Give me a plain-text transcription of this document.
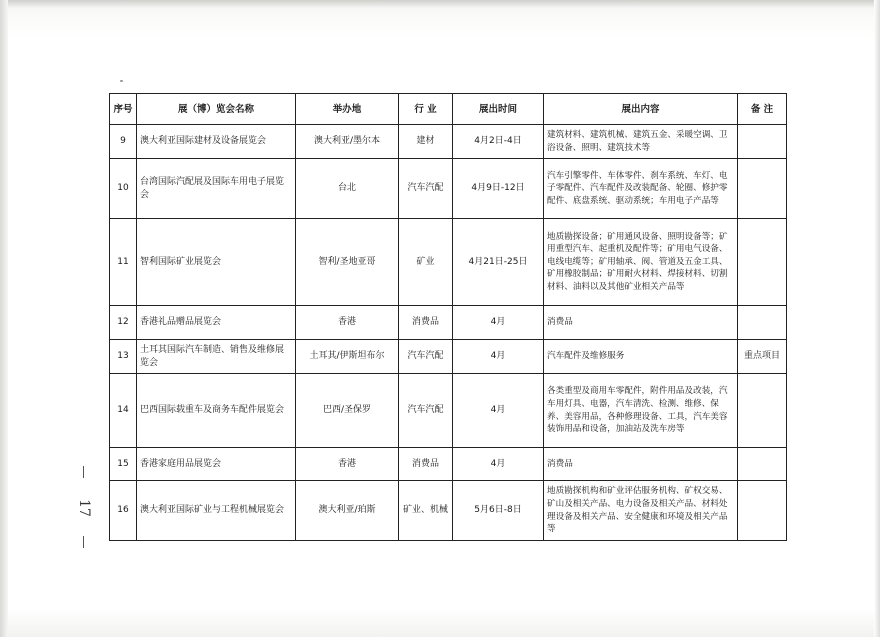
序号	展（博）览会名称	举办地	行 业	展出时间	展出内容	备 注
9	澳大利亚国际建材及设备展览会	澳大利亚/墨尔本	建材	4月2日-4日	建筑材料、建筑机械、建筑五金、采暖空调、卫浴设备、照明、建筑技术等	
10	台湾国际汽配展及国际车用电子展览会	台北	汽车汽配	4月9日-12日	汽车引擎零件、车体零件、刹车系统、车灯、电子零配件、汽车配件及改装配备、轮圈、修护零配件、底盘系统、驱动系统；车用电子产品等	
11	智利国际矿业展览会	智利/圣地亚哥	矿业	4月21日-25日	地质勘探设备；矿用通风设备、照明设备等；矿用重型汽车、起重机及配件等；矿用电气设备、电线电缆等；矿用轴承、阀、管道及五金工具、矿用橡胶制品；矿用耐火材料、焊接材料、切割材料、油料以及其他矿业相关产品等	
12	香港礼品赠品展览会	香港	消费品	4月	消费品	
13	土耳其国际汽车制造、销售及维修展览会	土耳其/伊斯坦布尔	汽车汽配	4月	汽车配件及维修服务	重点项目
14	巴西国际载重车及商务车配件展览会	巴西/圣保罗	汽车汽配	4月	各类重型及商用车零配件，附件用品及改装，汽车用灯具、电器，汽车清洗、检测、维修、保养、美容用品，各种修理设备、工具，汽车美容装饰用品和设备，加油站及洗车房等	
15	香港家庭用品展览会	香港	消费品	4月	消费品	
16	澳大利亚国际矿业与工程机械展览会	澳大利亚/珀斯	矿业、机械	5月6日-8日	地质勘探机构和矿业评估服务机构、矿权交易、矿山及相关产品、电力设备及相关产品、材料处理设备及相关产品、安全健康和环境及相关产品等	
17
